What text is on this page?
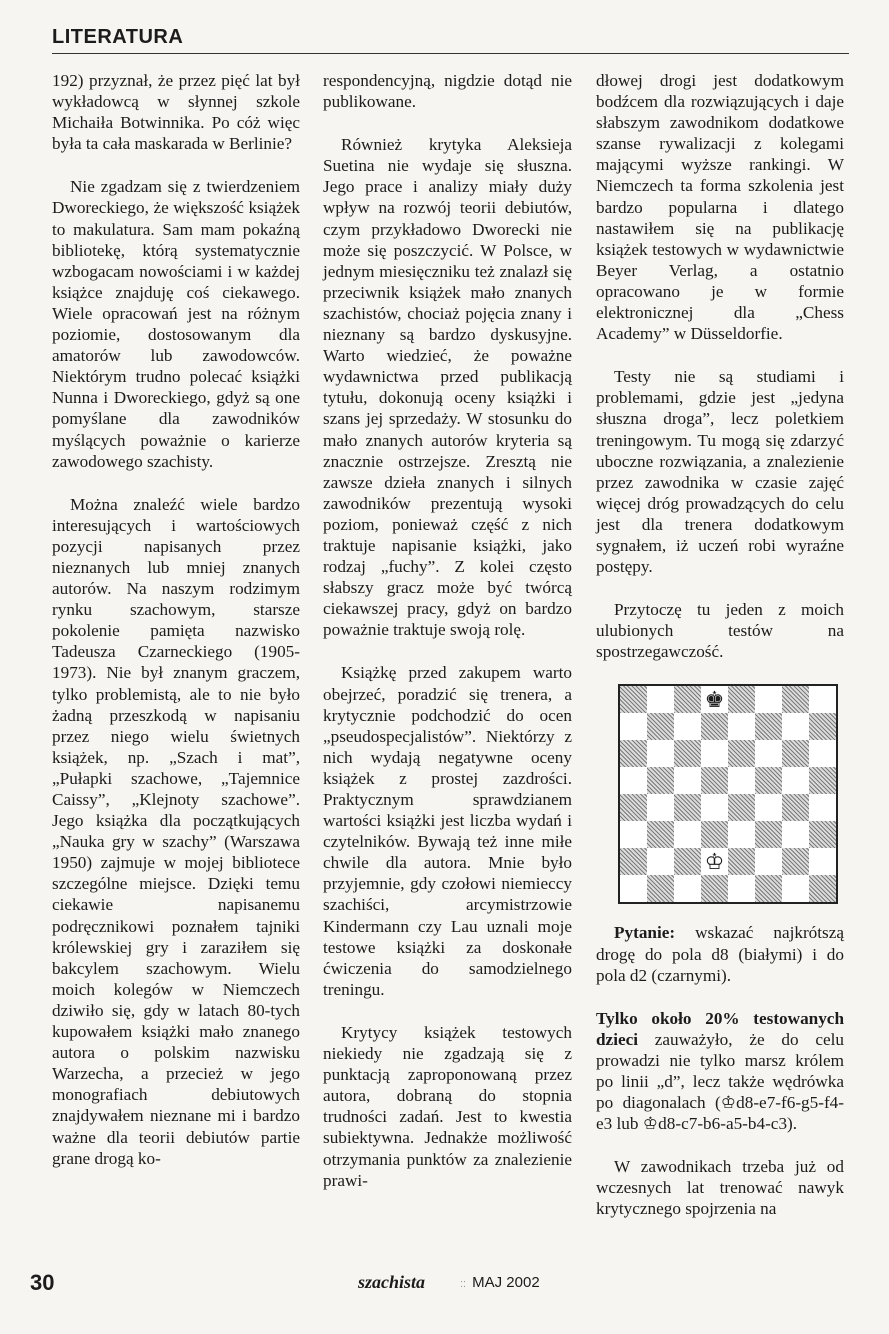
LITERATURA

192) przyznał, że przez pięć lat był wykładowcą w słynnej szkole Michaiła Botwinnika. Po cóż więc była ta cała maskarada w Berlinie?

Nie zgadzam się z twierdzeniem Dworeckiego, że większość książek to makulatura. Sam mam pokaźną bibliotekę, którą systematycznie wzbogacam nowościami i w każdej książce znajduję coś ciekawego. Wiele opracowań jest na różnym poziomie, dostosowanym dla amatorów lub zawodowców. Niektórym trudno polecać książki Nunna i Dworeckiego, gdyż są one pomyślane dla zawodników myślących poważnie o karierze zawodowego szachisty.

Można znaleźć wiele bardzo interesujących i wartościowych pozycji napisanych przez nieznanych lub mniej znanych autorów. Na naszym rodzimym rynku szachowym, starsze pokolenie pamięta nazwisko Tadeusza Czarneckiego (1905-1973). Nie był znanym graczem, tylko problemistą, ale to nie było żadną przeszkodą w napisaniu przez niego wielu świetnych książek, np. „Szach i mat”, „Pułapki szachowe, „Tajemnice Caissy”, „Klejnoty szachowe”. Jego książka dla początkujących „Nauka gry w szachy” (Warszawa 1950) zajmuje w mojej bibliotece szczególne miejsce. Dzięki temu ciekawie napisanemu podręcznikowi poznałem tajniki królewskiej gry i zaraziłem się bakcylem szachowym. Wielu moich kolegów w Niemczech dziwiło się, gdy w latach 80-tych kupowałem książki mało znanego autora o polskim nazwisku Warzecha, a przecież w jego monografiach debiutowych znajdywałem nieznane mi i bardzo ważne dla teorii debiutów partie grane drogą ko-

respondencyjną, nigdzie dotąd nie publikowane.

Również krytyka Aleksieja Suetina nie wydaje się słuszna. Jego prace i analizy miały duży wpływ na rozwój teorii debiutów, czym przykładowo Dworecki nie może się poszczycić. W Polsce, w jednym miesięczniku też znalazł się przeciwnik książek mało znanych szachistów, chociaż pojęcia znany i nieznany są bardzo dyskusyjne. Warto wiedzieć, że poważne wydawnictwa przed publikacją tytułu, dokonują oceny książki i szans jej sprzedaży. W stosunku do mało znanych autorów kryteria są znacznie ostrzejsze. Zresztą nie zawsze dzieła znanych i silnych zawodników prezentują wysoki poziom, ponieważ część z nich traktuje napisanie książki, jako rodzaj „fuchy”. Z kolei często słabszy gracz może być twórcą ciekawszej pracy, gdyż on bardzo poważnie traktuje swoją rolę.

Książkę przed zakupem warto obejrzeć, poradzić się trenera, a krytycznie podchodzić do ocen „pseudospecjalistów”. Niektórzy z nich wydają negatywne oceny książek z prostej zazdrości. Praktycznym sprawdzianem wartości książki jest liczba wydań i czytelników. Bywają też inne miłe chwile dla autora. Mnie było przyjemnie, gdy czołowi niemieccy szachiści, arcymistrzowie Kindermann czy Lau uznali moje testowe książki za doskonałe ćwiczenia do samodzielnego treningu.

Krytycy książek testowych niekiedy nie zgadzają się z punktacją zaproponowaną przez autora, dobraną do stopnia trudności zadań. Jest to kwestia subiektywna. Jednakże możliwość otrzymania punktów za znalezienie prawi-

dłowej drogi jest dodatkowym bodźcem dla rozwiązujących i daje słabszym zawodnikom dodatkowe szanse rywalizacji z kolegami mającymi wyższe rankingi. W Niemczech ta forma szkolenia jest bardzo popularna i dlatego nastawiłem się na publikację książek testowych w wydawnictwie Beyer Verlag, a ostatnio opracowano je w formie elektronicznej dla „Chess Academy” w Düsseldorfie.

Testy nie są studiami i problemami, gdzie jest „jedyna słuszna droga”, lecz poletkiem treningowym. Tu mogą się zdarzyć uboczne rozwiązania, a znalezienie przez zawodnika w czasie zajęć więcej dróg prowadzących do celu jest dla trenera dodatkowym sygnałem, iż uczeń robi wyraźne postępy.

Przytoczę tu jeden z moich ulubionych testów na spostrzegawczość.

♚
♔

Pytanie: wskazać najkrótszą drogę do pola d8 (białymi) i do pola d2 (czarnymi).

Tylko około 20% testowanych dzieci zauważyło, że do celu prowadzi nie tylko marsz królem po linii „d”, lecz także wędrówka po diagonalach (♔d8-e7-f6-g5-f4-e3 lub ♔d8-c7-b6-a5-b4-c3).

W zawodnikach trzeba już od wczesnych lat trenować nawyk krytycznego spojrzenia na

30	szachista	:: MAJ 2002
